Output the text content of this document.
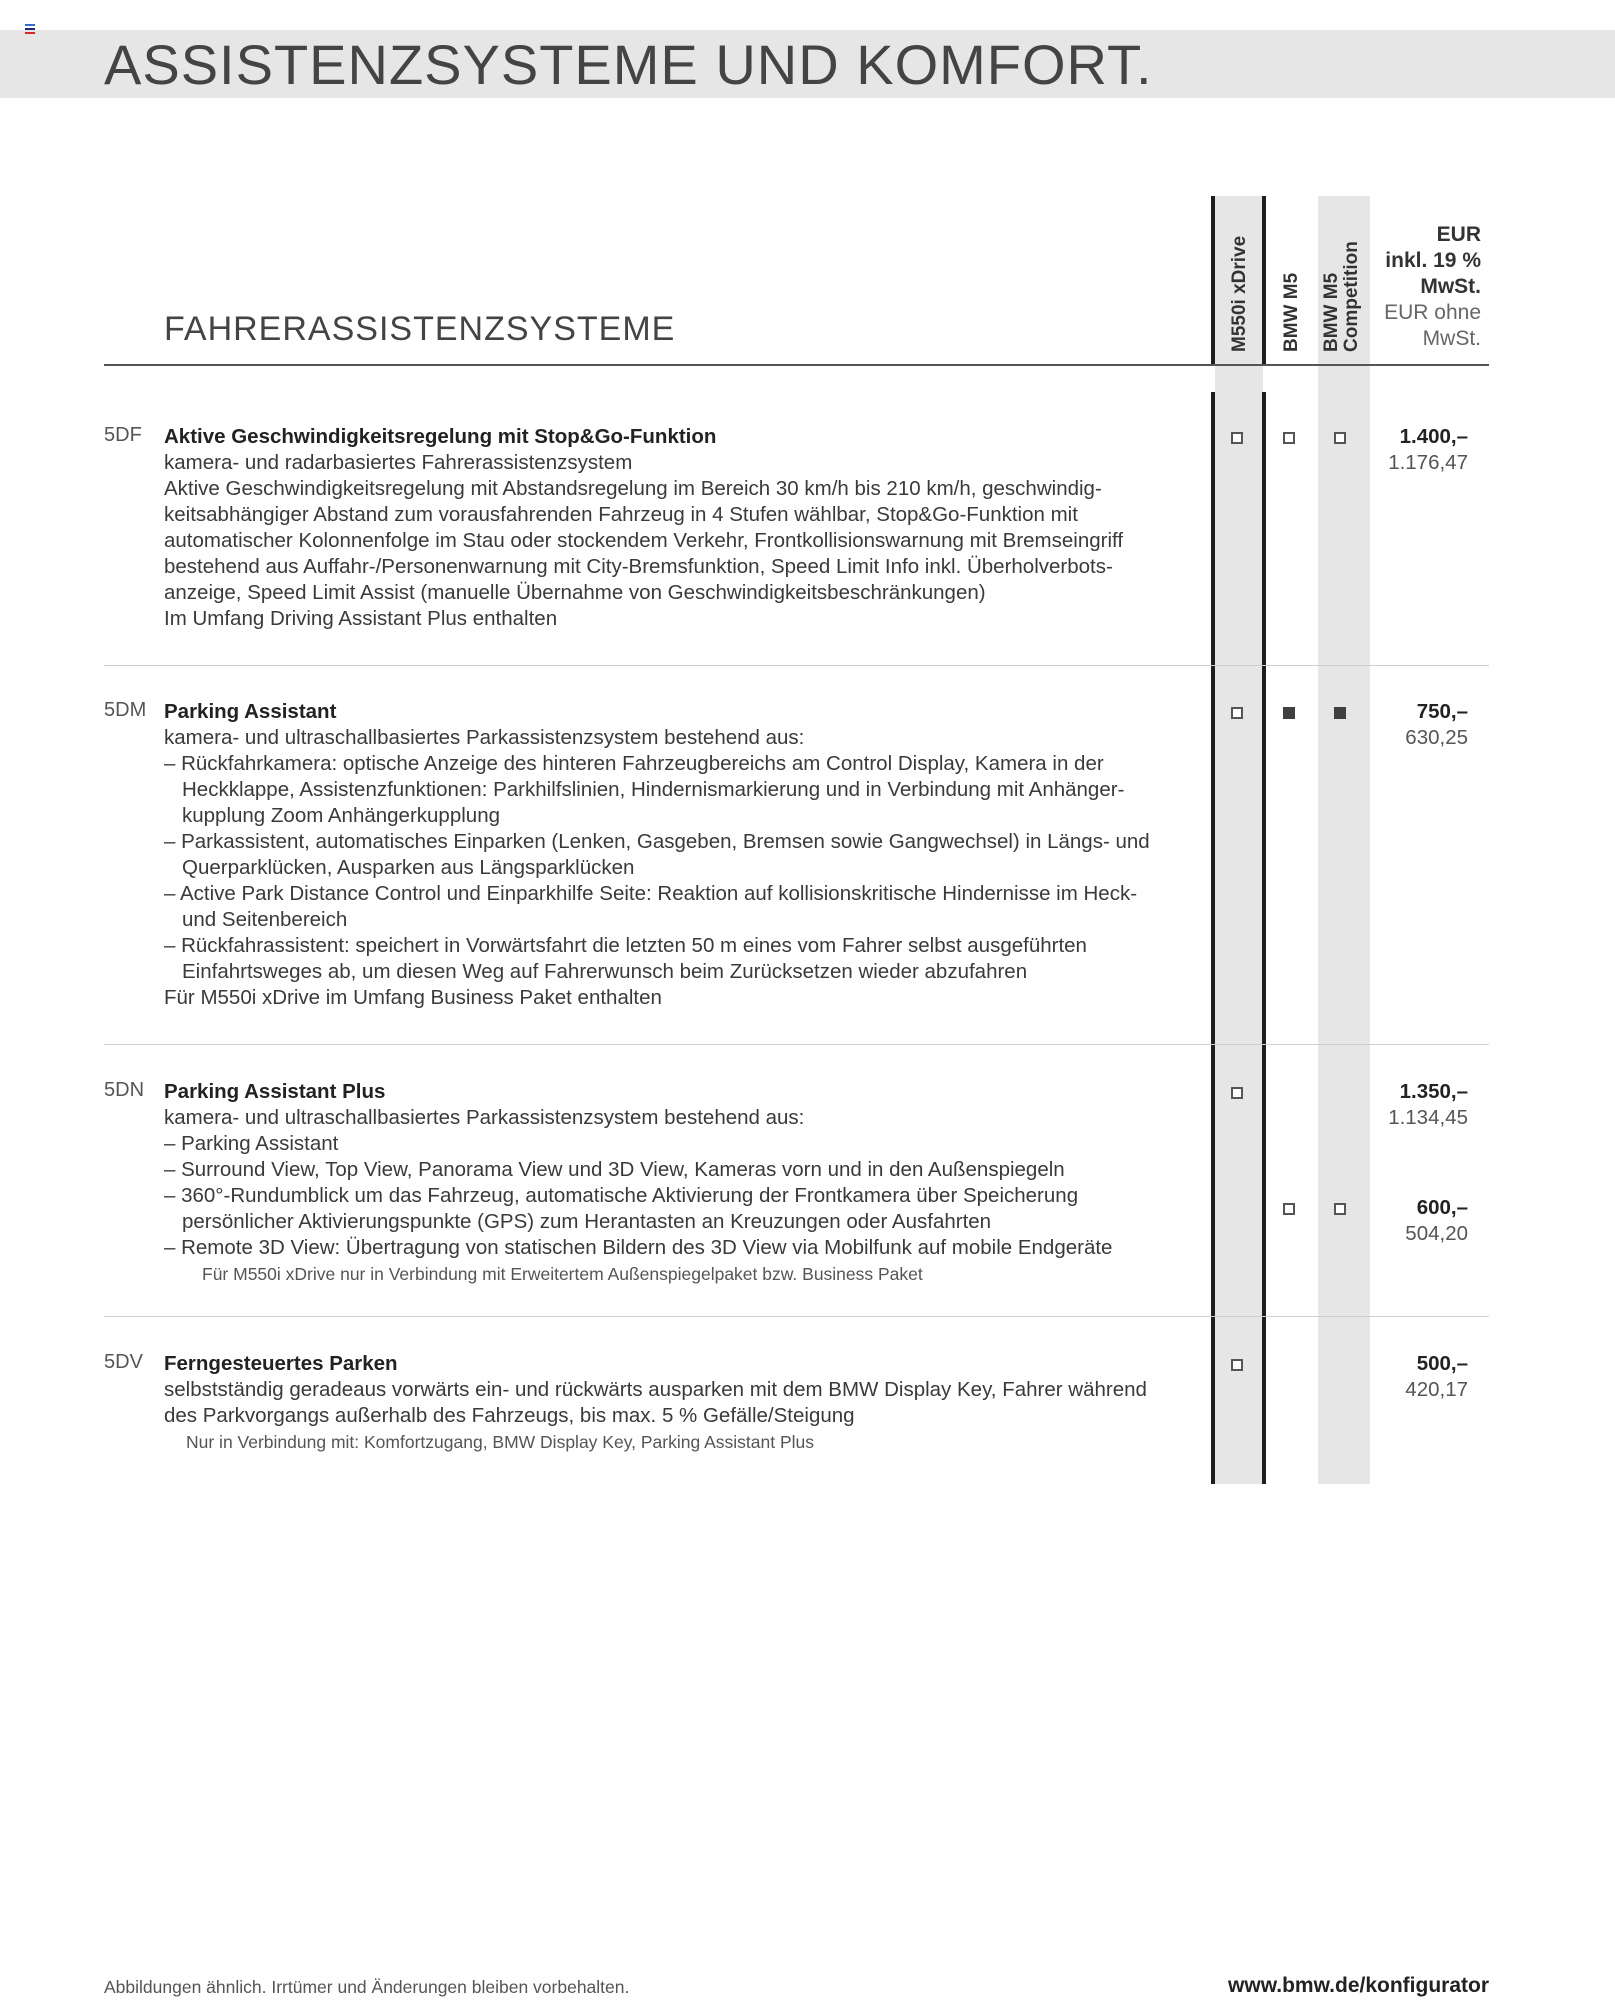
ASSISTENZSYSTEME UND KOMFORT.
M550i xDrive BMW M5 BMW M5 Competition
FAHRERASSISTENZSYSTEME
EUR
inkl. 19 %
MwSt.
EUR ohne
MwSt.
5DF Aktive Geschwindigkeitsregelung mit Stop&Go-Funktion
kamera- und radarbasiertes Fahrerassistenzsystem
Aktive Geschwindigkeitsregelung mit Abstandsregelung im Bereich 30 km/h bis 210 km/h, geschwindig-
keitsabhängiger Abstand zum vorausfahrenden Fahrzeug in 4 Stufen wählbar, Stop&Go-Funktion mit
automatischer Kolonnenfolge im Stau oder stockendem Verkehr, Frontkollisionswarnung mit Bremseingriff
bestehend aus Auffahr-/Personenwarnung mit City-Bremsfunktion, Speed Limit Info inkl. Überholverbots-
anzeige, Speed Limit Assist (manuelle Übernahme von Geschwindigkeitsbeschränkungen)
Im Umfang Driving Assistant Plus enthalten
1.400,–
1.176,47
5DM Parking Assistant
kamera- und ultraschallbasiertes Parkassistenzsystem bestehend aus:
– Rückfahrkamera: optische Anzeige des hinteren Fahrzeugbereichs am Control Display, Kamera in der
Heckklappe, Assistenzfunktionen: Parkhilfslinien, Hindernismarkierung und in Verbindung mit Anhänger-
kupplung Zoom Anhängerkupplung
– Parkassistent, automatisches Einparken (Lenken, Gasgeben, Bremsen sowie Gangwechsel) in Längs- und
Querparklücken, Ausparken aus Längsparklücken
– Active Park Distance Control und Einparkhilfe Seite: Reaktion auf kollisionskritische Hindernisse im Heck-
und Seitenbereich
– Rückfahrassistent: speichert in Vorwärtsfahrt die letzten 50 m eines vom Fahrer selbst ausgeführten
Einfahrtsweges ab, um diesen Weg auf Fahrerwunsch beim Zurücksetzen wieder abzufahren
Für M550i xDrive im Umfang Business Paket enthalten
750,–
630,25
5DN Parking Assistant Plus
kamera- und ultraschallbasiertes Parkassistenzsystem bestehend aus:
– Parking Assistant
– Surround View, Top View, Panorama View und 3D View, Kameras vorn und in den Außenspiegeln
– 360°-Rundumblick um das Fahrzeug, automatische Aktivierung der Frontkamera über Speicherung
persönlicher Aktivierungspunkte (GPS) zum Herantasten an Kreuzungen oder Ausfahrten
– Remote 3D View: Übertragung von statischen Bildern des 3D View via Mobilfunk auf mobile Endgeräte
Für M550i xDrive nur in Verbindung mit Erweitertem Außenspiegelpaket bzw. Business Paket
1.350,–
1.134,45
600,–
504,20
5DV Ferngesteuertes Parken
selbstständig geradeaus vorwärts ein- und rückwärts ausparken mit dem BMW Display Key, Fahrer während
des Parkvorgangs außerhalb des Fahrzeugs, bis max. 5 % Gefälle/Steigung
Nur in Verbindung mit: Komfortzugang, BMW Display Key, Parking Assistant Plus
500,–
420,17
Abbildungen ähnlich. Irrtümer und Änderungen bleiben vorbehalten.	www.bmw.de/konfigurator
